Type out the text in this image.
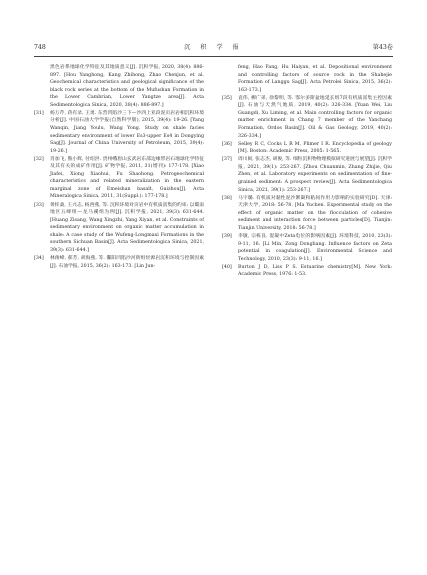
748	沉 积 学 报	第43卷
黑色岩系地球化学特征及其地质意义[J]. 沉积学报, 2020, 38(4): 886-897. [Hou Yanghong, Kang Zhihong, Zhao Chenjun, et al. Geochemical characteristics and geological significance of the black rock series at the bottom of the Mufushan Formation in the Lower Cambrian, Lower Yangtze area[J]. Acta Sedimentologica Sinica, 2020, 38(4): 886-897.]
[31] 杨万芹, 蒋有录, 王勇. 东营凹陷沙三下—沙四上亚段泥页岩岩相沉积环境分析[J]. 中国石油大学学报(自然科学版), 2015, 39(4): 19-26. [Yang Wanqin, Jiang Youlu, Wang Yong. Study on shale facies sedimentary environment of lower Es3-upper Es4 in Dongying Sag[J]. Journal of China University of Petroleum, 2015, 39(4): 19-26.]
[32] 肖加飞, 熊小辉, 付绍洪. 贵州峨眉山玄武岩东部边缘带岩石地球化学特征及其有关的成矿作用[J]. 矿物学报, 2011, 31(增刊): 177-178. [Xiao Jiafei, Xiong Xiaohui, Fu Shaohong. Petrogeochemical characteristics and related mineralization in the eastern marginal zone of Emeishan basalt, Guizhou[J]. Acta Mineralogica Sinica, 2011, 31(Suppl.): 177-178.]
[33] 黄梓桑, 王兴志, 杨西燕, 等. 沉积环境对页岩中有机质富集的约束: 以蜀南地区五峰组—龙马溪组为例[J]. 沉积学报, 2021, 39(3): 631-644. [Huang Zisang, Wang Xingzhi, Yang Xiyan, et al. Constraints of sedimentary environment on organic matter accumulation in shale: A case study of the Wufeng-Longmaxi Formations in the southern Sichuan Basin[J]. Acta Sedimentologica Sinica, 2021, 39(3): 631-644.]
[34] 林俊峰, 郝芳, 胡海燕, 等. 鄱阳凹陷沙河街组烃源岩沉积环境与控制因素[J]. 石油学报, 2015, 36(2): 163-173. [Lin Jun-
feng, Hao Fang, Hu Haiyan, et al. Depositional environment and controlling factors of source rock in the Shahejie Formation of Langgu Sag[J]. Acta Petrolei Sinica, 2015, 36(2): 163-173.]
[35] 袁伟, 柳广弟, 徐黎明, 等. 鄂尔多斯盆地延长组7段有机质富集主控因素[J]. 石油与天然气地质, 2019, 40(2): 326-334. [Yuan Wei, Liu Guangdi, Xu Liming, et al. Main controlling factors for organic matter enrichment in Chang 7 member of the Yanchang Formation, Ordos Basin[J]. Oil & Gas Geology, 2019, 40(2): 326-334.]
[36] Selley R C, Cocks L R M, Plimer I R. Encyclopedia of geology [M]. Boston: Academic Press, 2005: 1-565.
[37] 周川闽, 张志杰, 胡俊, 等. 细粒沉积物物理模拟研究进展与展望[J]. 沉积学报, 2021, 39(1): 253-267. [Zhou Chuanmin, Zhang Zhijie, Qiu Zhen, et al. Laboratory experiments on sedimentation of fine-grained sediment: A prospect review[J]. Acta Sedimentologica Sinica, 2021, 39(1): 253-267.]
[38] 马宇璐. 有机质对黏性泥沙絮凝和粘间作用力影响的实验研究[D]. 天津: 天津大学, 2018: 56-78. [Ma Yuchen. Experimental study on the effect of organic matter on the flocculation of cohesive sediment and interaction force between particles[D]. Tianjin: Tianjin University, 2018: 56-78.]
[39] 李敏, 宗栋良. 混凝中Zeta电位的影响因素[J]. 环境科技, 2010, 23(3): 9-11, 16. [Li Min, Zong Dongliang. Influence factors on Zeta potential in coagulation[J]. Environmental Science and Technology, 2010, 23(3): 9-11, 16.]
[40] Burton J D, Liss P S. Estuarine chemistry[M]. New York: Academic Press, 1976: 1-53.
